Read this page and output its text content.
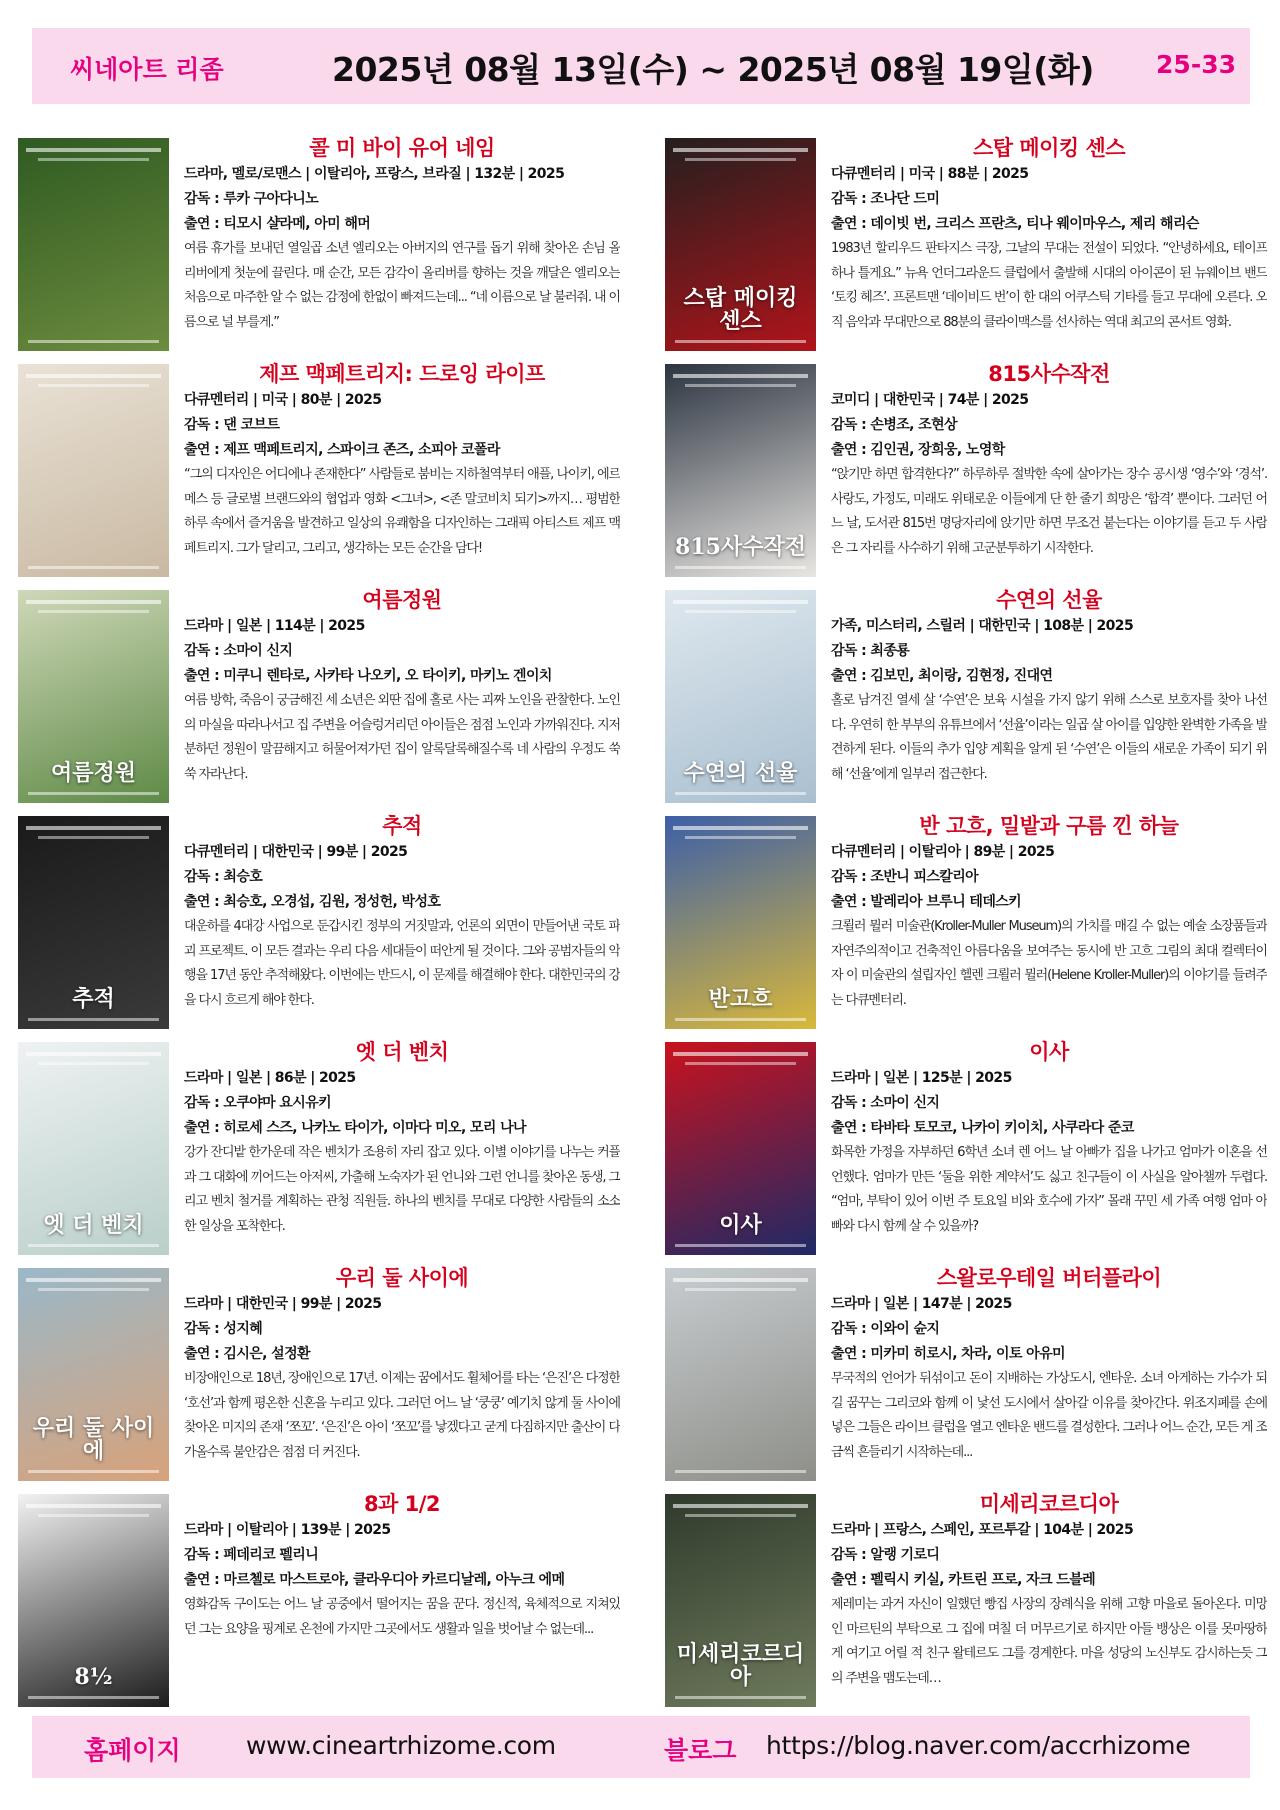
씨네아트 리좀	2025년 08월 13일(수) ~ 2025년 08월 19일(화) 25-33
콜 미 바이 유어 네임
드라마, 멜로/로맨스 | 이탈리아, 프랑스, 브라질 | 132분 | 2025
감독 : 루카 구아다니노
출연 : 티모시 샬라메, 아미 해머
여름 휴가를 보내던 열일곱 소년 엘리오는 아버지의 연구를 돕기 위해 찾아온 손님 올리버에게 첫눈에 끌린다. 매 순간, 모든 감각이 올리버를 향하는 것을 깨달은 엘리오는 처음으로 마주한 알 수 없는 감정에 한없이 빠져드는데... “네 이름으로 날 불러줘. 내 이름으로 널 부를게.”
제프 맥페트리지: 드로잉 라이프
다큐멘터리 | 미국 | 80분 | 2025
감독 : 댄 코브트
출연 : 제프 맥페트리지, 스파이크 존즈, 소피아 코폴라
“그의 디자인은 어디에나 존재한다” 사람들로 붐비는 지하철역부터 애플, 나이키, 에르메스 등 글로벌 브랜드와의 협업과 영화 <그녀>, <존 말코비치 되기>까지… 평범한 하루 속에서 즐거움을 발견하고 일상의 유쾌함을 디자인하는 그래픽 아티스트 제프 맥페트리지. 그가 달리고, 그리고, 생각하는 모든 순간을 담다!
여름정원
여름정원
드라마 | 일본 | 114분 | 2025
감독 : 소마이 신지
출연 : 미쿠니 렌타로, 사카타 나오키, 오 타이키, 마키노 겐이치
여름 방학, 죽음이 궁금해진 세 소년은 외딴 집에 홀로 사는 괴짜 노인을 관찰한다. 노인의 마실을 따라나서고 집 주변을 어슬렁거리던 아이들은 점점 노인과 가까워진다. 지저분하던 정원이 말끔해지고 허물어져가던 집이 알록달록해질수록 네 사람의 우정도 쑥쑥 자라난다.
추적
추적
다큐멘터리 | 대한민국 | 99분 | 2025
감독 : 최승호
출연 : 최승호, 오경섭, 김원, 정성헌, 박성호
대운하를 4대강 사업으로 둔갑시킨 정부의 거짓말과, 언론의 외면이 만들어낸 국토 파괴 프로젝트. 이 모든 결과는 우리 다음 세대들이 떠안게 될 것이다. 그와 공범자들의 악행을 17년 동안 추적해왔다. 이번에는 반드시, 이 문제를 해결해야 한다. 대한민국의 강을 다시 흐르게 해야 한다.
엣 더 벤치
엣 더 벤치
드라마 | 일본 | 86분 | 2025
감독 : 오쿠야마 요시유키
출연 : 히로세 스즈, 나카노 타이가, 이마다 미오, 모리 나나
강가 잔디밭 한가운데 작은 벤치가 조용히 자리 잡고 있다. 이별 이야기를 나누는 커플과 그 대화에 끼어드는 아저씨, 가출해 노숙자가 된 언니와 그런 언니를 찾아온 동생, 그리고 벤치 철거를 계획하는 관청 직원들. 하나의 벤치를 무대로 다양한 사람들의 소소한 일상을 포착한다.
우리 둘 사이에
우리 둘 사이에
드라마 | 대한민국 | 99분 | 2025
감독 : 성지혜
출연 : 김시은, 설정환
비장애인으로 18년, 장애인으로 17년. 이제는 꿈에서도 휠체어를 타는 ‘은진’은 다정한 ‘호선’과 함께 평온한 신혼을 누리고 있다. 그러던 어느 날 ‘쿵쿵’ 예기치 않게 둘 사이에 찾아온 미지의 존재 ‘쪼꼬’. ‘은진’은 아이 ‘쪼꼬’를 낳겠다고 굳게 다짐하지만 출산이 다가올수록 불안감은 점점 더 커진다.
8½
8과 1/2
드라마 | 이탈리아 | 139분 | 2025
감독 : 페데리코 펠리니
출연 : 마르첼로 마스트로야, 클라우디아 카르디날레, 아누크 에메
영화감독 구이도는 어느 날 공중에서 떨어지는 꿈을 꾼다. 정신적, 육체적으로 지쳐있던 그는 요양을 핑계로 온천에 가지만 그곳에서도 생활과 일을 벗어날 수 없는데...
스탑 메이킹 센스
스탑 메이킹 센스
다큐멘터리 | 미국 | 88분 | 2025
감독 : 조나단 드미
출연 : 데이빗 번, 크리스 프란츠, 티나 웨이마우스, 제리 해리슨
1983년 할리우드 판타지스 극장, 그날의 무대는 전설이 되었다. “안녕하세요, 테이프 하나 틀게요.” 뉴욕 언더그라운드 클럽에서 출발해 시대의 아이콘이 된 뉴웨이브 밴드 ‘토킹 헤즈’. 프론트맨 ‘데이비드 번’이 한 대의 어쿠스틱 기타를 들고 무대에 오른다. 오직 음악과 무대만으로 88분의 클라이맥스를 선사하는 역대 최고의 콘서트 영화.
815사수작전
815사수작전
코미디 | 대한민국 | 74분 | 2025
감독 : 손병조, 조현상
출연 : 김인권, 장희웅, 노영학
“앉기만 하면 합격한다?” 하루하루 절박한 속에 살아가는 장수 공시생 ‘영수’와 ‘경석’. 사랑도, 가정도, 미래도 위태로운 이들에게 단 한 줄기 희망은 ‘합격’ 뿐이다. 그러던 어느 날, 도서관 815번 명당자리에 앉기만 하면 무조건 붙는다는 이야기를 듣고 두 사람은 그 자리를 사수하기 위해 고군분투하기 시작한다.
수연의 선율
수연의 선율
가족, 미스터리, 스릴러 | 대한민국 | 108분 | 2025
감독 : 최종룡
출연 : 김보민, 최이랑, 김현정, 진대연
홀로 남겨진 열세 살 ‘수연’은 보육 시설을 가지 않기 위해 스스로 보호자를 찾아 나선다. 우연히 한 부부의 유튜브에서 ‘선율’이라는 일곱 살 아이를 입양한 완벽한 가족을 발견하게 된다. 이들의 추가 입양 계획을 알게 된 ‘수연’은 이들의 새로운 가족이 되기 위해 ‘선율’에게 일부러 접근한다.
반고흐
반 고흐, 밀밭과 구름 낀 하늘
다큐멘터리 | 이탈리아 | 89분 | 2025
감독 : 조반니 피스칼리아
출연 : 발레리아 브루니 테데스키
크뢸러 뮐러 미술관(Kroller-Muller Museum)의 가치를 매길 수 없는 예술 소장품들과 자연주의적이고 건축적인 아름다움을 보여주는 동시에 반 고흐 그림의 최대 컬렉터이자 이 미술관의 설립자인 헬렌 크뢸러 뮐러(Helene Kroller-Muller)의 이야기를 들려주는 다큐멘터리.
이사
이사
드라마 | 일본 | 125분 | 2025
감독 : 소마이 신지
출연 : 타바타 토모코, 나카이 키이치, 사쿠라다 준코
화목한 가정을 자부하던 6학년 소녀 렌 어느 날 아빠가 집을 나가고 엄마가 이혼을 선언했다. 엄마가 만든 ‘둘을 위한 계약서’도 싫고 친구들이 이 사실을 알아챌까 두렵다. “엄마, 부탁이 있어 이번 주 토요일 비와 호수에 가자” 몰래 꾸민 세 가족 여행 엄마 아빠와 다시 함께 살 수 있을까?
스왈로우테일 버터플라이
드라마 | 일본 | 147분 | 2025
감독 : 이와이 슌지
출연 : 미카미 히로시, 차라, 이토 아유미
무국적의 언어가 뒤섞이고 돈이 지배하는 가상도시, 엔타운. 소녀 아게하는 가수가 되길 꿈꾸는 그리코와 함께 이 낯선 도시에서 살아갈 이유를 찾아간다. 위조지폐를 손에 넣은 그들은 라이브 클럽을 열고 엔타운 밴드를 결성한다. 그러나 어느 순간, 모든 게 조금씩 흔들리기 시작하는데...
미세리코르디아
미세리코르디아
드라마 | 프랑스, 스페인, 포르투갈 | 104분 | 2025
감독 : 알랭 기로디
출연 : 펠릭시 키실, 카트린 프로, 자크 드블레
제레미는 과거 자신이 일했던 빵집 사장의 장례식을 위해 고향 마을로 돌아온다. 미망인 마르틴의 부탁으로 그 집에 며칠 더 머무르기로 하지만 아들 뱅상은 이를 못마땅하게 여기고 어릴 적 친구 왈테르도 그를 경계한다. 마을 성당의 노신부도 감시하는듯 그의 주변을 맴도는데…
홈페이지	www.cineartrhizome.com	블로그 https://blog.naver.com/accrhizome
